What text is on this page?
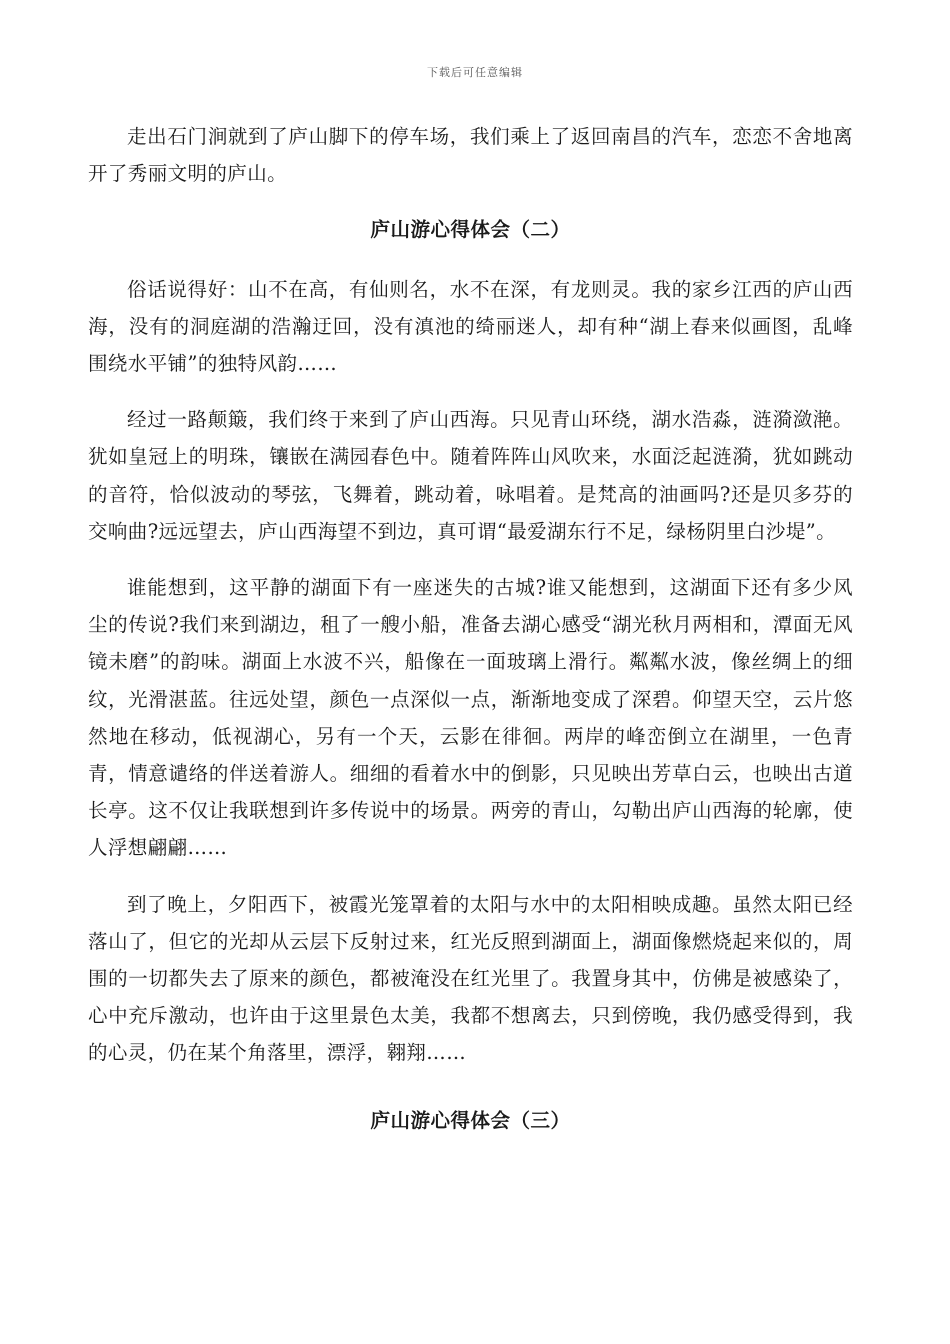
下载后可任意编辑

走出石门涧就到了庐山脚下的停车场，我们乘上了返回南昌的汽车，恋恋不舍地离开了秀丽文明的庐山。

庐山游心得体会（二）

俗话说得好：山不在高，有仙则名，水不在深，有龙则灵。我的家乡江西的庐山西海，没有的洞庭湖的浩瀚迂回，没有滇池的绮丽迷人，却有种“湖上春来似画图，乱峰围绕水平铺”的独特风韵……

经过一路颠簸，我们终于来到了庐山西海。只见青山环绕，湖水浩淼，涟漪潋滟。犹如皇冠上的明珠，镶嵌在满园春色中。随着阵阵山风吹来，水面泛起涟漪，犹如跳动的音符，恰似波动的琴弦，飞舞着，跳动着，咏唱着。是梵高的油画吗?还是贝多芬的交响曲?远远望去，庐山西海望不到边，真可谓“最爱湖东行不足，绿杨阴里白沙堤”。

谁能想到，这平静的湖面下有一座迷失的古城?谁又能想到，这湖面下还有多少风尘的传说?我们来到湖边，租了一艘小船，准备去湖心感受“湖光秋月两相和，潭面无风镜未磨”的韵味。湖面上水波不兴，船像在一面玻璃上滑行。粼粼水波，像丝绸上的细纹，光滑湛蓝。往远处望，颜色一点深似一点，渐渐地变成了深碧。仰望天空，云片悠然地在移动，低视湖心，另有一个天，云影在徘徊。两岸的峰峦倒立在湖里，一色青青，情意谴络的伴送着游人。细细的看着水中的倒影，只见映出芳草白云，也映出古道长亭。这不仅让我联想到许多传说中的场景。两旁的青山，勾勒出庐山西海的轮廓，使人浮想翩翩……

到了晚上，夕阳西下，被霞光笼罩着的太阳与水中的太阳相映成趣。虽然太阳已经落山了，但它的光却从云层下反射过来，红光反照到湖面上，湖面像燃烧起来似的，周围的一切都失去了原来的颜色，都被淹没在红光里了。我置身其中，仿佛是被感染了，心中充斥激动，也许由于这里景色太美，我都不想离去，只到傍晚，我仍感受得到，我的心灵，仍在某个角落里，漂浮，翱翔……

庐山游心得体会（三）
